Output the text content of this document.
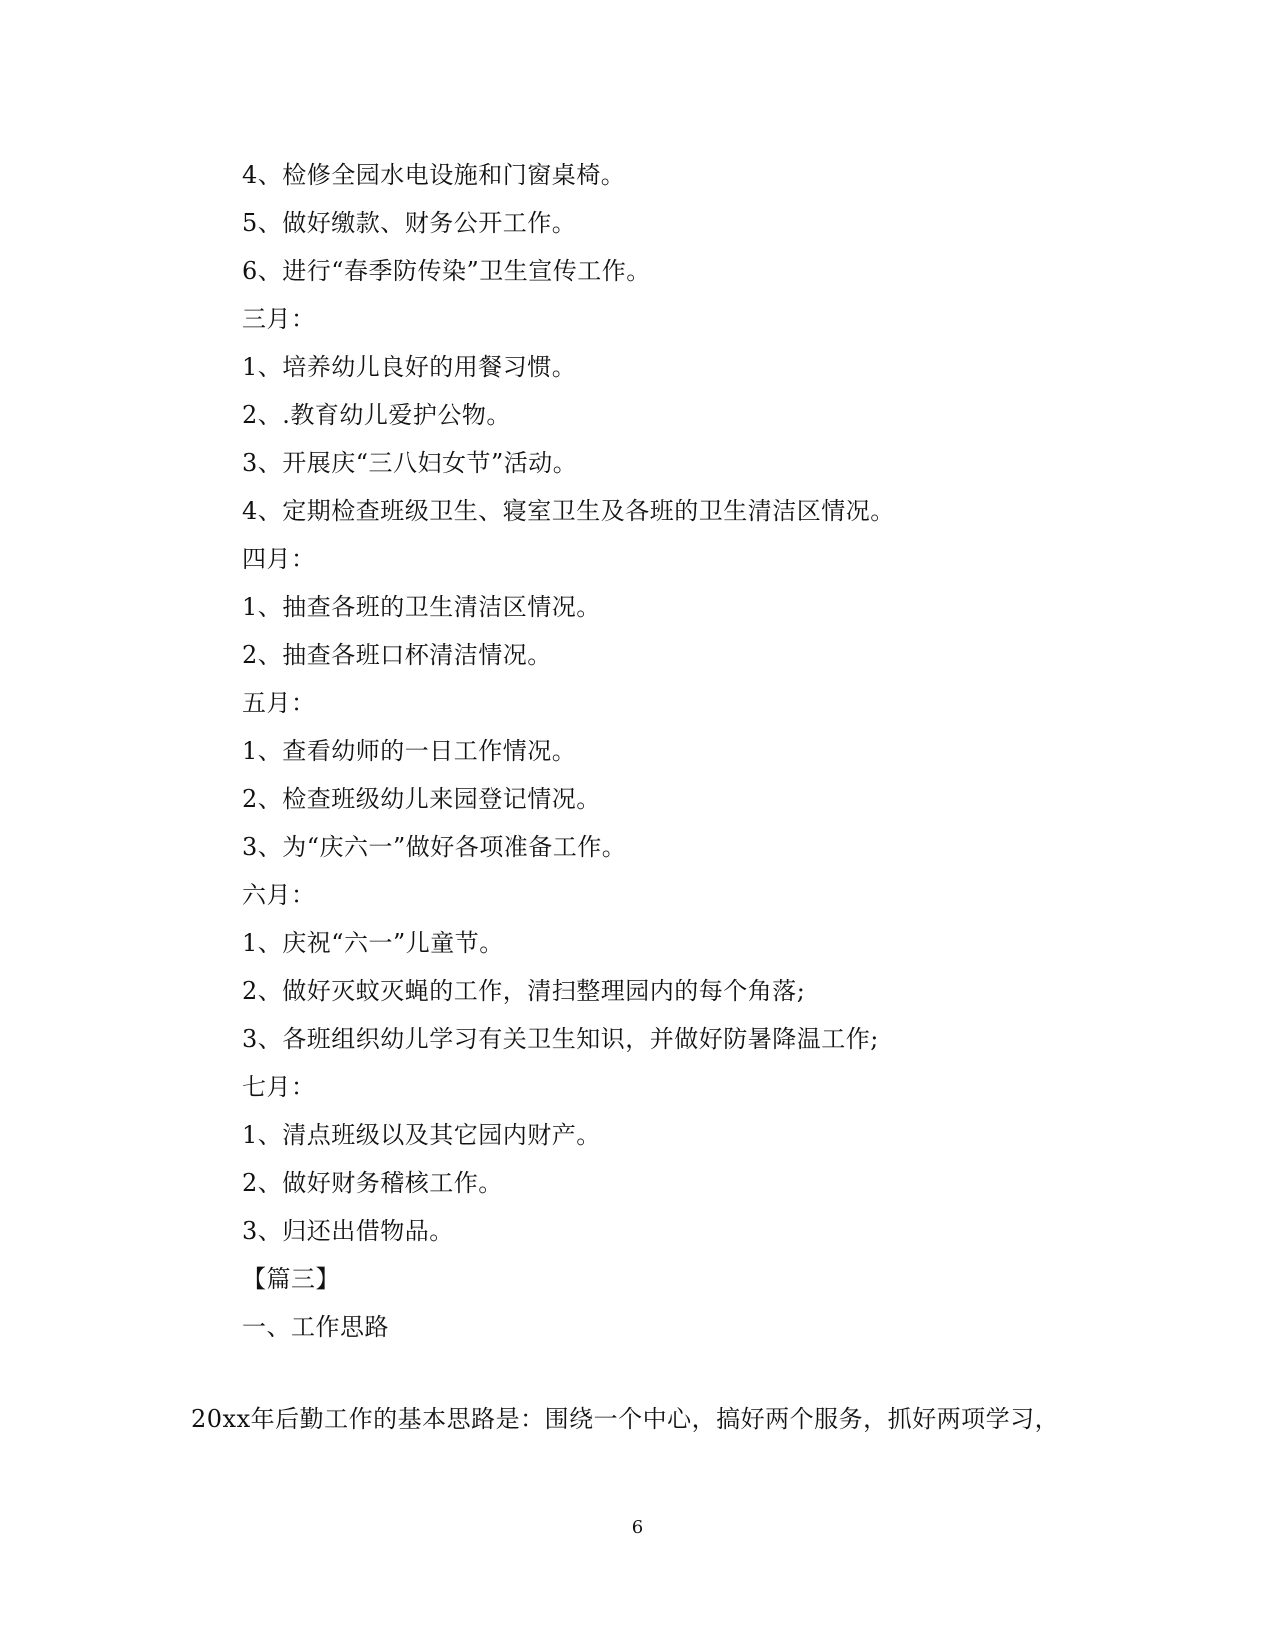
4、检修全园水电设施和门窗桌椅。
5、做好缴款、财务公开工作。
6、进行“春季防传染”卫生宣传工作。
三月：
1、培养幼儿良好的用餐习惯。
2、.教育幼儿爱护公物。
3、开展庆“三八妇女节”活动。
4、定期检查班级卫生、寝室卫生及各班的卫生清洁区情况。
四月：
1、抽查各班的卫生清洁区情况。
2、抽查各班口杯清洁情况。
五月：
1、查看幼师的一日工作情况。
2、检查班级幼儿来园登记情况。
3、为“庆六一”做好各项准备工作。
六月：
1、庆祝“六一”儿童节。
2、做好灭蚊灭蝇的工作，清扫整理园内的每个角落;
3、各班组织幼儿学习有关卫生知识，并做好防暑降温工作;
七月：
1、清点班级以及其它园内财产。
2、做好财务稽核工作。
3、归还出借物品。
【篇三】
一、工作思路
20xx年后勤工作的基本思路是：围绕一个中心，搞好两个服务，抓好两项学习，
6
